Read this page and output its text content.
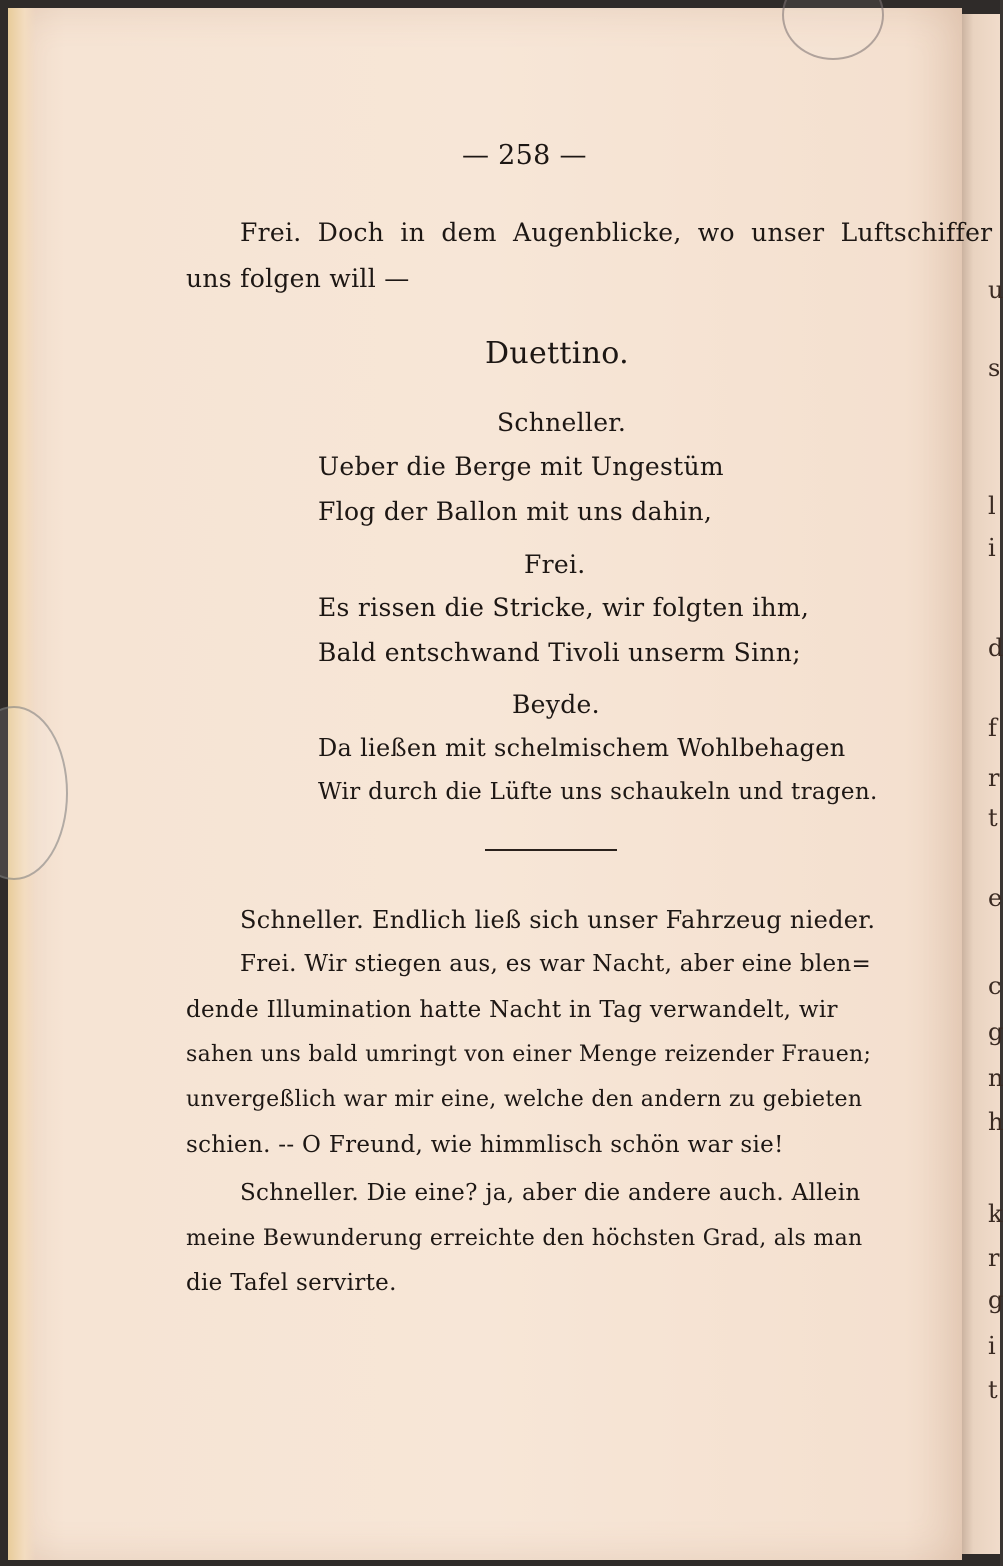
u
s
l
i
d
f
r
t
e
c
g
n
h
k
r
g
i
t
— 258 —
Frei. Doch in dem Augenblicke, wo unser Luftschiffer
uns folgen will —
Duettino.
Schneller.
Ueber die Berge mit Ungestüm
Flog der Ballon mit uns dahin,
Frei.
Es rissen die Stricke, wir folgten ihm,
Bald entschwand Tivoli unserm Sinn;
Beyde.
Da ließen mit schelmischem Wohlbehagen
Wir durch die Lüfte uns schaukeln und tragen.
Schneller. Endlich ließ sich unser Fahrzeug nieder.
Frei. Wir stiegen aus, es war Nacht, aber eine blen=
dende Illumination hatte Nacht in Tag verwandelt, wir
sahen uns bald umringt von einer Menge reizender Frauen;
unvergeßlich war mir eine, welche den andern zu gebieten
schien. -- O Freund, wie himmlisch schön war sie!
Schneller. Die eine? ja, aber die andere auch. Allein
meine Bewunderung erreichte den höchsten Grad, als man
die Tafel servirte.
